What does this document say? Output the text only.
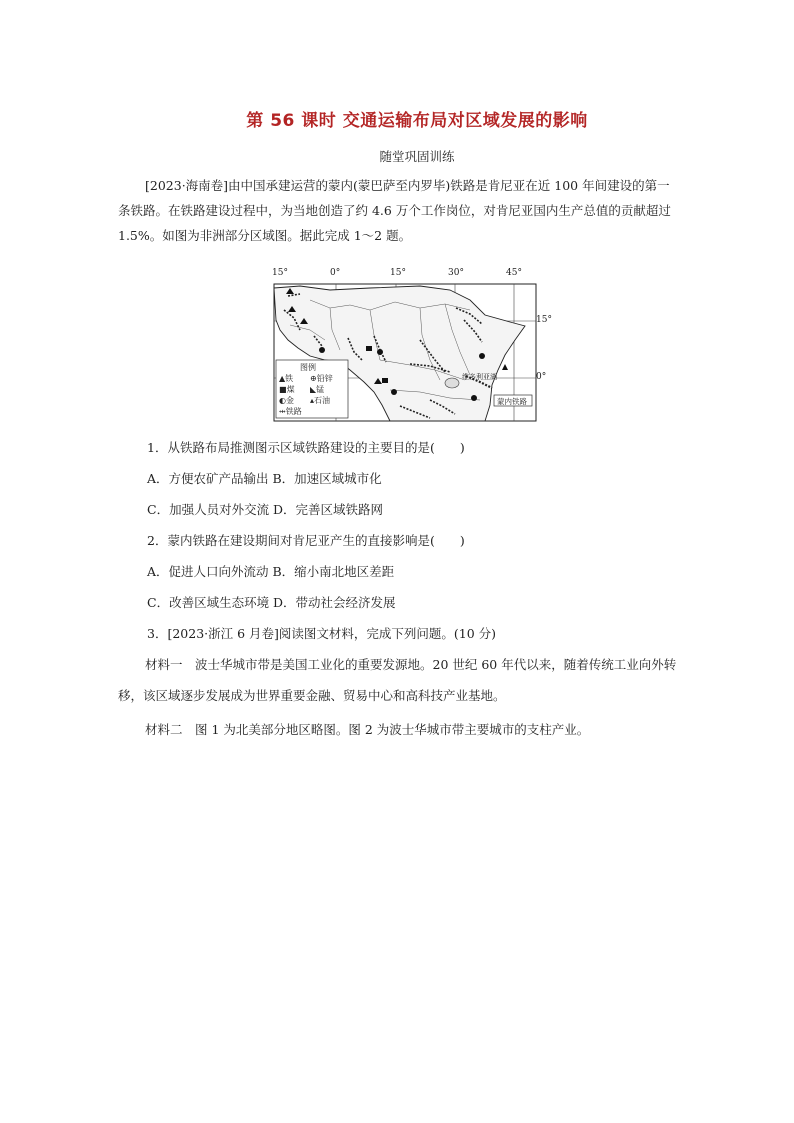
第 56 课时 交通运输布局对区域发展的影响
随堂巩固训练
[2023·海南卷]由中国承建运营的蒙内(蒙巴萨至内罗毕)铁路是肯尼亚在近 100 年间建设的第一条铁路。在铁路建设过程中，为当地创造了约 4.6 万个工作岗位，对肯尼亚国内生产总值的贡献超过 1.5%。如图为非洲部分区域图。据此完成 1～2 题。
15°	0°	15°	30°	45°
15°
0°
图例
▲铁 ⊕铅锌
■煤 ◣锰
◐金 ▴石油
⇹铁路
维多利亚湖
蒙内铁路
1．从铁路布局推测图示区域铁路建设的主要目的是(　　)
A．方便农矿产品输出 B．加速区域城市化
C．加强人员对外交流 D．完善区域铁路网
2．蒙内铁路在建设期间对肯尼亚产生的直接影响是(　　)
A．促进人口向外流动 B．缩小南北地区差距
C．改善区域生态环境 D．带动社会经济发展
3．[2023·浙江 6 月卷]阅读图文材料，完成下列问题。(10 分)
材料一　波士华城市带是美国工业化的重要发源地。20 世纪 60 年代以来，随着传统工业向外转移，该区域逐步发展成为世界重要金融、贸易中心和高科技产业基地。
材料二　图 1 为北美部分地区略图。图 2 为波士华城市带主要城市的支柱产业。
